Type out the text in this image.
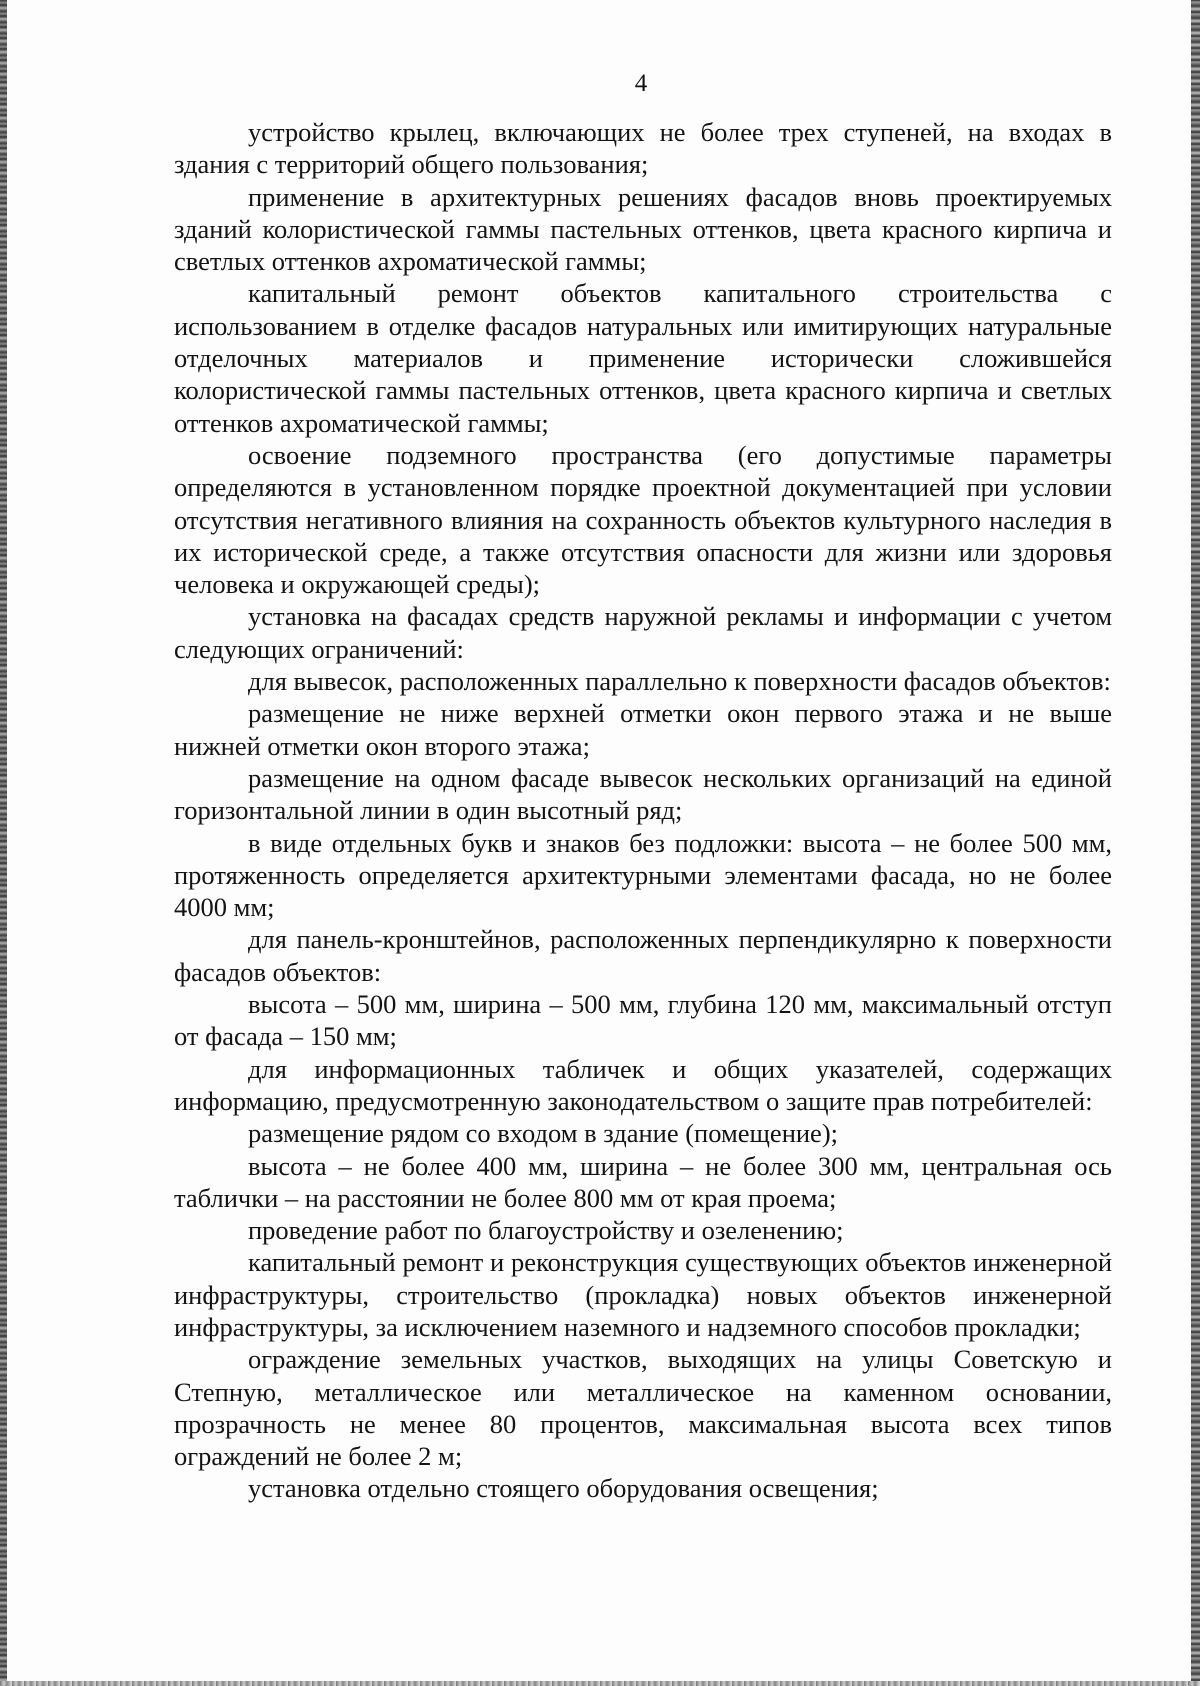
4

устройство крылец, включающих не более трех ступеней, на входах в здания с территорий общего пользования;

применение в архитектурных решениях фасадов вновь проектируемых зданий колористической гаммы пастельных оттенков, цвета красного кирпича и светлых оттенков ахроматической гаммы;

капитальный ремонт объектов капитального строительства с использованием в отделке фасадов натуральных или имитирующих натуральные отделочных материалов и применение исторически сложившейся колористической гаммы пастельных оттенков, цвета красного кирпича и светлых оттенков ахроматической гаммы;

освоение подземного пространства (его допустимые параметры определяются в установленном порядке проектной документацией при условии отсутствия негативного влияния на сохранность объектов культурного наследия в их исторической среде, а также отсутствия опасности для жизни или здоровья человека и окружающей среды);

установка на фасадах средств наружной рекламы и информации с учетом следующих ограничений:

для вывесок, расположенных параллельно к поверхности фасадов объектов:

размещение не ниже верхней отметки окон первого этажа и не выше нижней отметки окон второго этажа;

размещение на одном фасаде вывесок нескольких организаций на единой горизонтальной линии в один высотный ряд;

в виде отдельных букв и знаков без подложки: высота – не более 500 мм, протяженность определяется архитектурными элементами фасада, но не более 4000 мм;

для панель-кронштейнов, расположенных перпендикулярно к поверхности фасадов объектов:

высота – 500 мм, ширина – 500 мм, глубина 120 мм, максимальный отступ от фасада – 150 мм;

для информационных табличек и общих указателей, содержащих информацию, предусмотренную законодательством о защите прав потребителей:

размещение рядом со входом в здание (помещение);

высота – не более 400 мм, ширина – не более 300 мм, центральная ось таблички – на расстоянии не более 800 мм от края проема;

проведение работ по благоустройству и озеленению;

капитальный ремонт и реконструкция существующих объектов инженерной инфраструктуры, строительство (прокладка) новых объектов инженерной инфраструктуры, за исключением наземного и надземного способов прокладки;

ограждение земельных участков, выходящих на улицы Советскую и Степную, металлическое или металлическое на каменном основании, прозрачность не менее 80 процентов, максимальная высота всех типов ограждений не более 2 м;

установка отдельно стоящего оборудования освещения;
